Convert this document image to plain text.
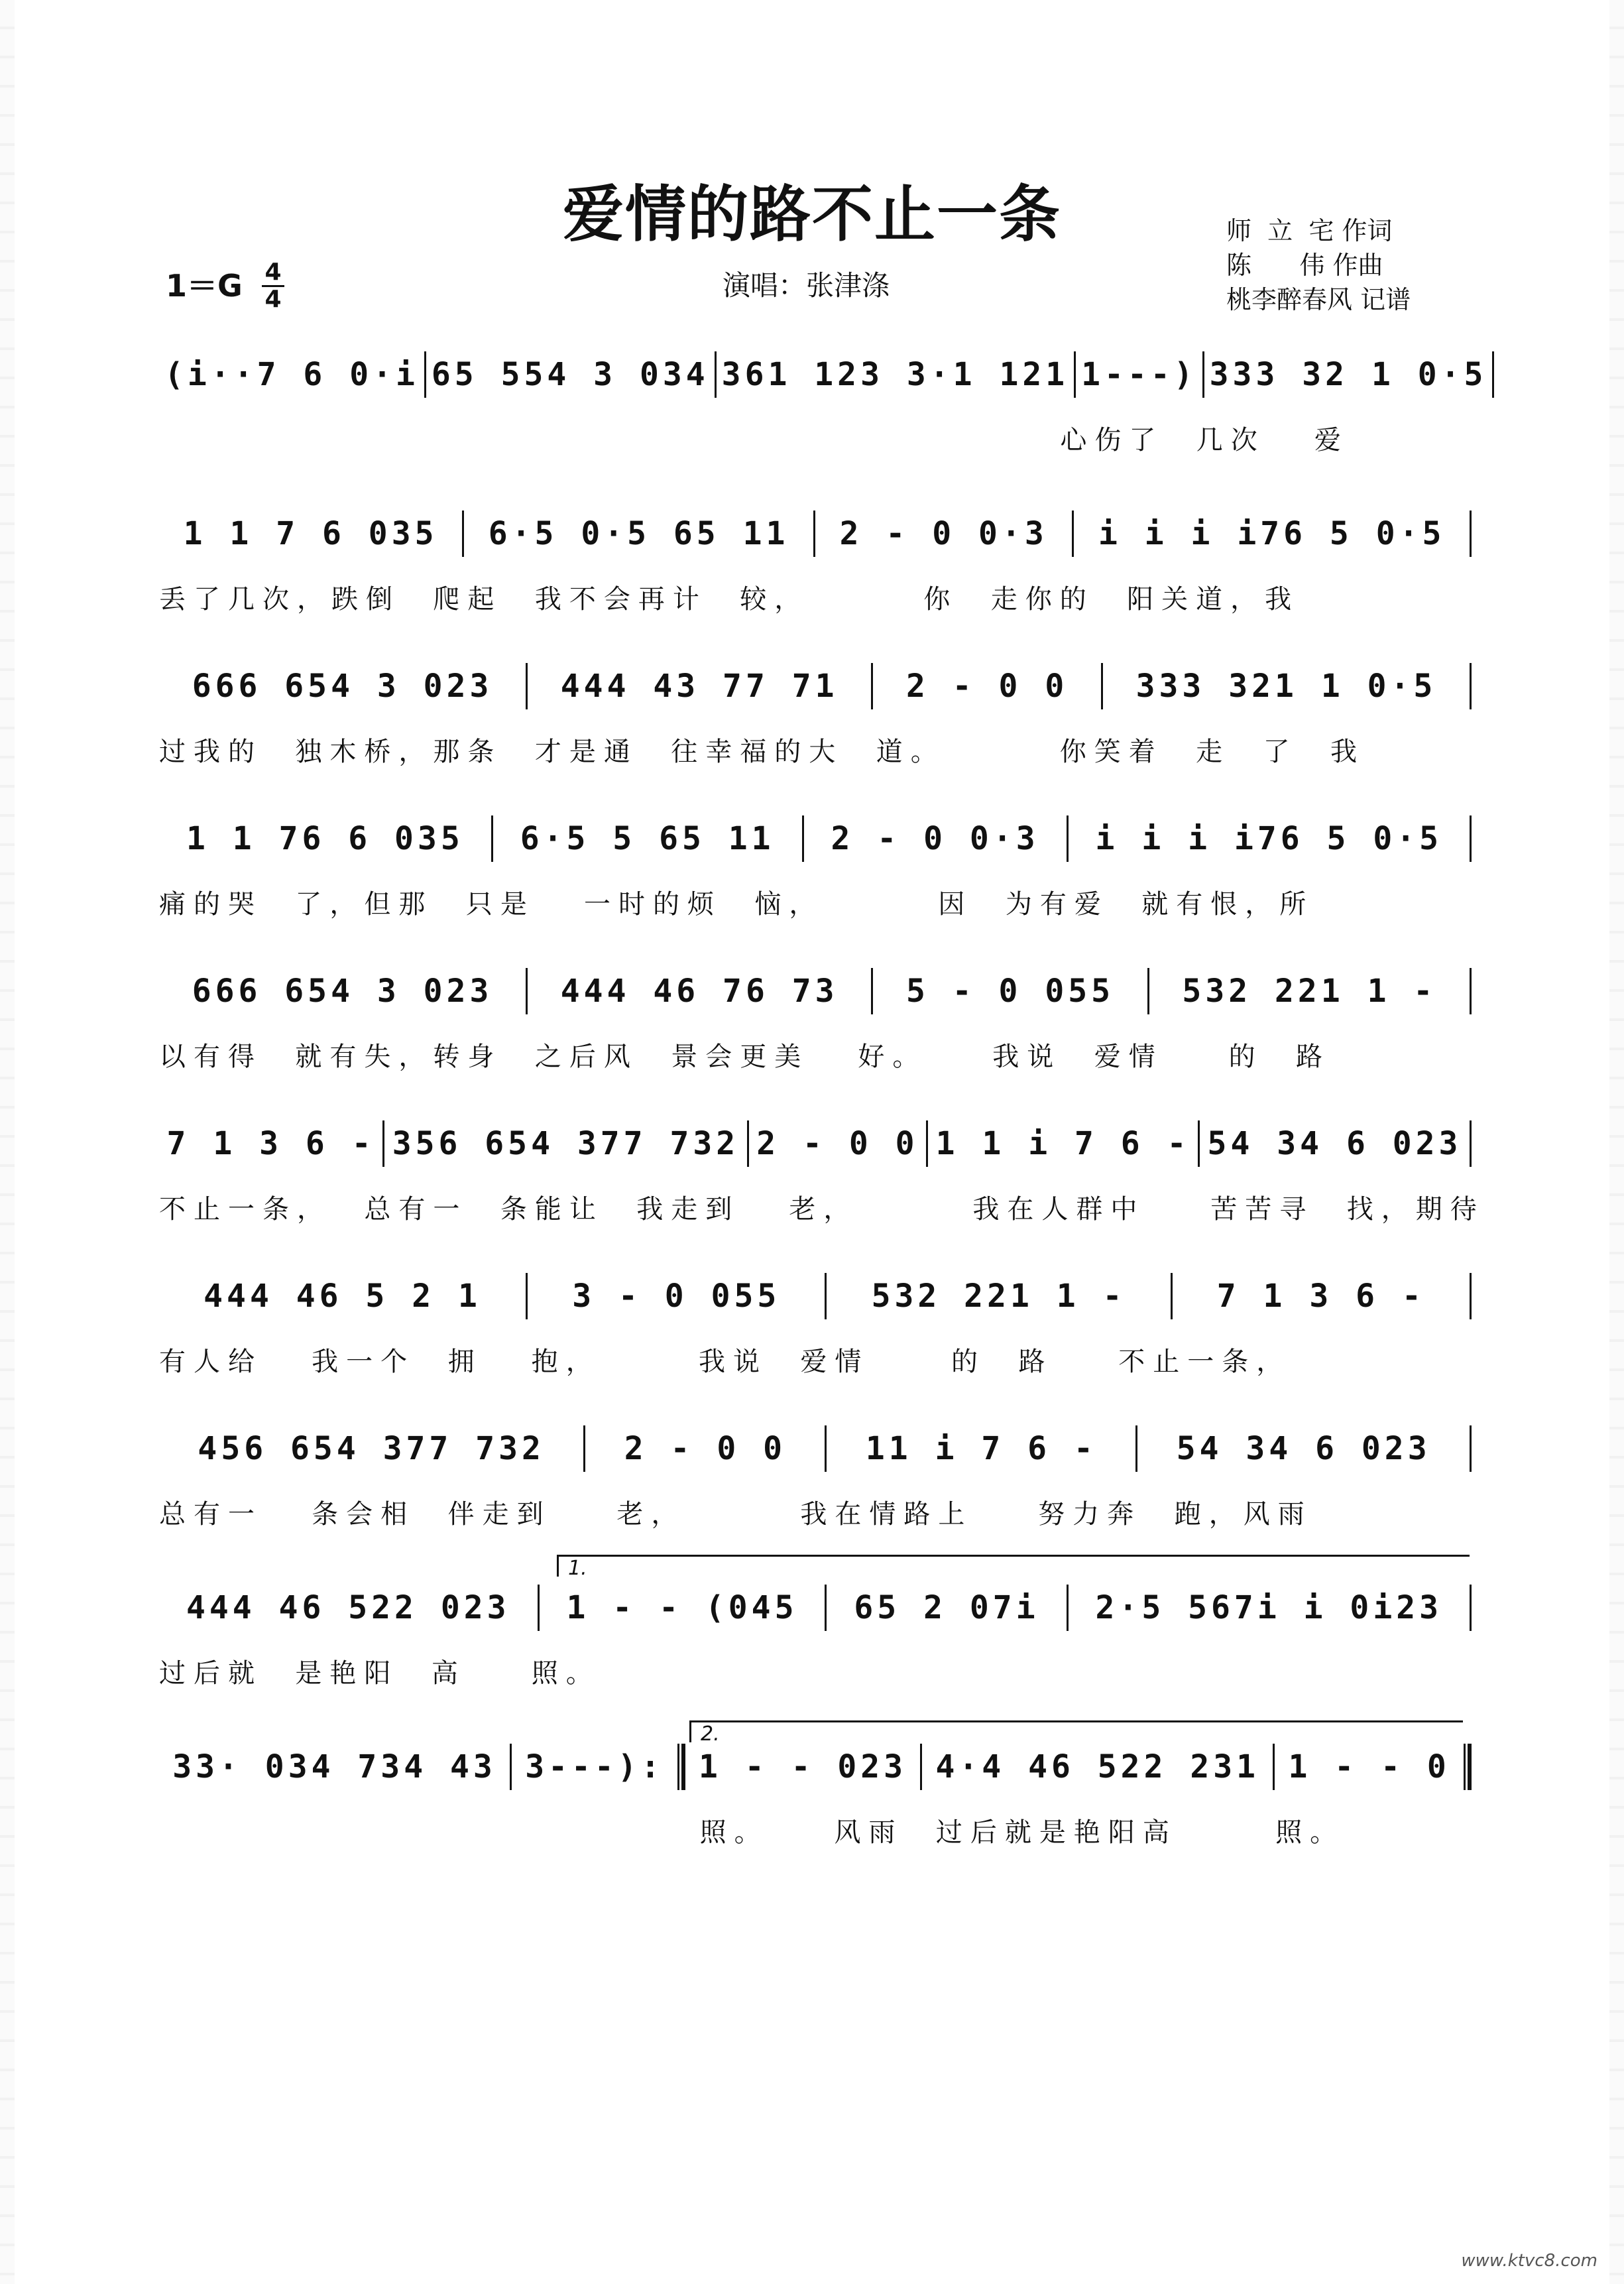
爱情的路不止一条	师  立  宅 作词
陈      伟 作曲
桃李醉春风 记谱
1＝G 4
4	演唱：张津涤
(i··7 6 0·i 65 554 3 034 361 123 3·1 121 1---) 333 32 1 0·5
心伤了  几次   爱
1 1 7 6 035	6·5 0·5 65 11	2 - 0 0·3	i i i i76 5 0·5
丢了几次，跌倒  爬起  我不会再计  较，       你  走你的  阳关道，我
666 654 3 023	444 43 77 71	2 - 0 0	333 321 1 0·5
过我的  独木桥，那条  才是通  往幸福的大  道。       你笑着  走  了  我
1 1 76 6 035	6·5 5 65 11	2 - 0 0·3	i i i i76 5 0·5
痛的哭  了，但那  只是   一时的烦  恼，       因  为有爱  就有恨，所
666 654 3 023	444 46 76 73	5 - 0 055	532 221 1 -
以有得  就有失，转身  之后风  景会更美   好。    我说  爱情    的  路
7 1 3 6 - 356 654 377 732 2 - 0 0 1 1 i 7 6 - 54 34 6 023
不止一条，  总有一  条能让  我走到   老，       我在人群中    苦苦寻  找，期待
444 46 5 2 1	3 - 0 055	532 221 1 -	7 1 3 6 -
有人给   我一个  拥   抱，      我说  爱情     的  路    不止一条，
456 654 377 732	2 - 0 0	11 i 7 6 -	54 34 6 023
总有一   条会相  伴走到    老，       我在情路上    努力奔  跑，风雨
444 46 522 023	1 - - (045	65 2 07i	2·5 567i i 0i23
过后就  是艳阳  高    照。
33· 034 734 43 3---):	1 - - 023 4·4 46 522 231 1 - - 0
照。    风雨  过后就是艳阳高      照。
1.
2.
www.ktvc8.com
